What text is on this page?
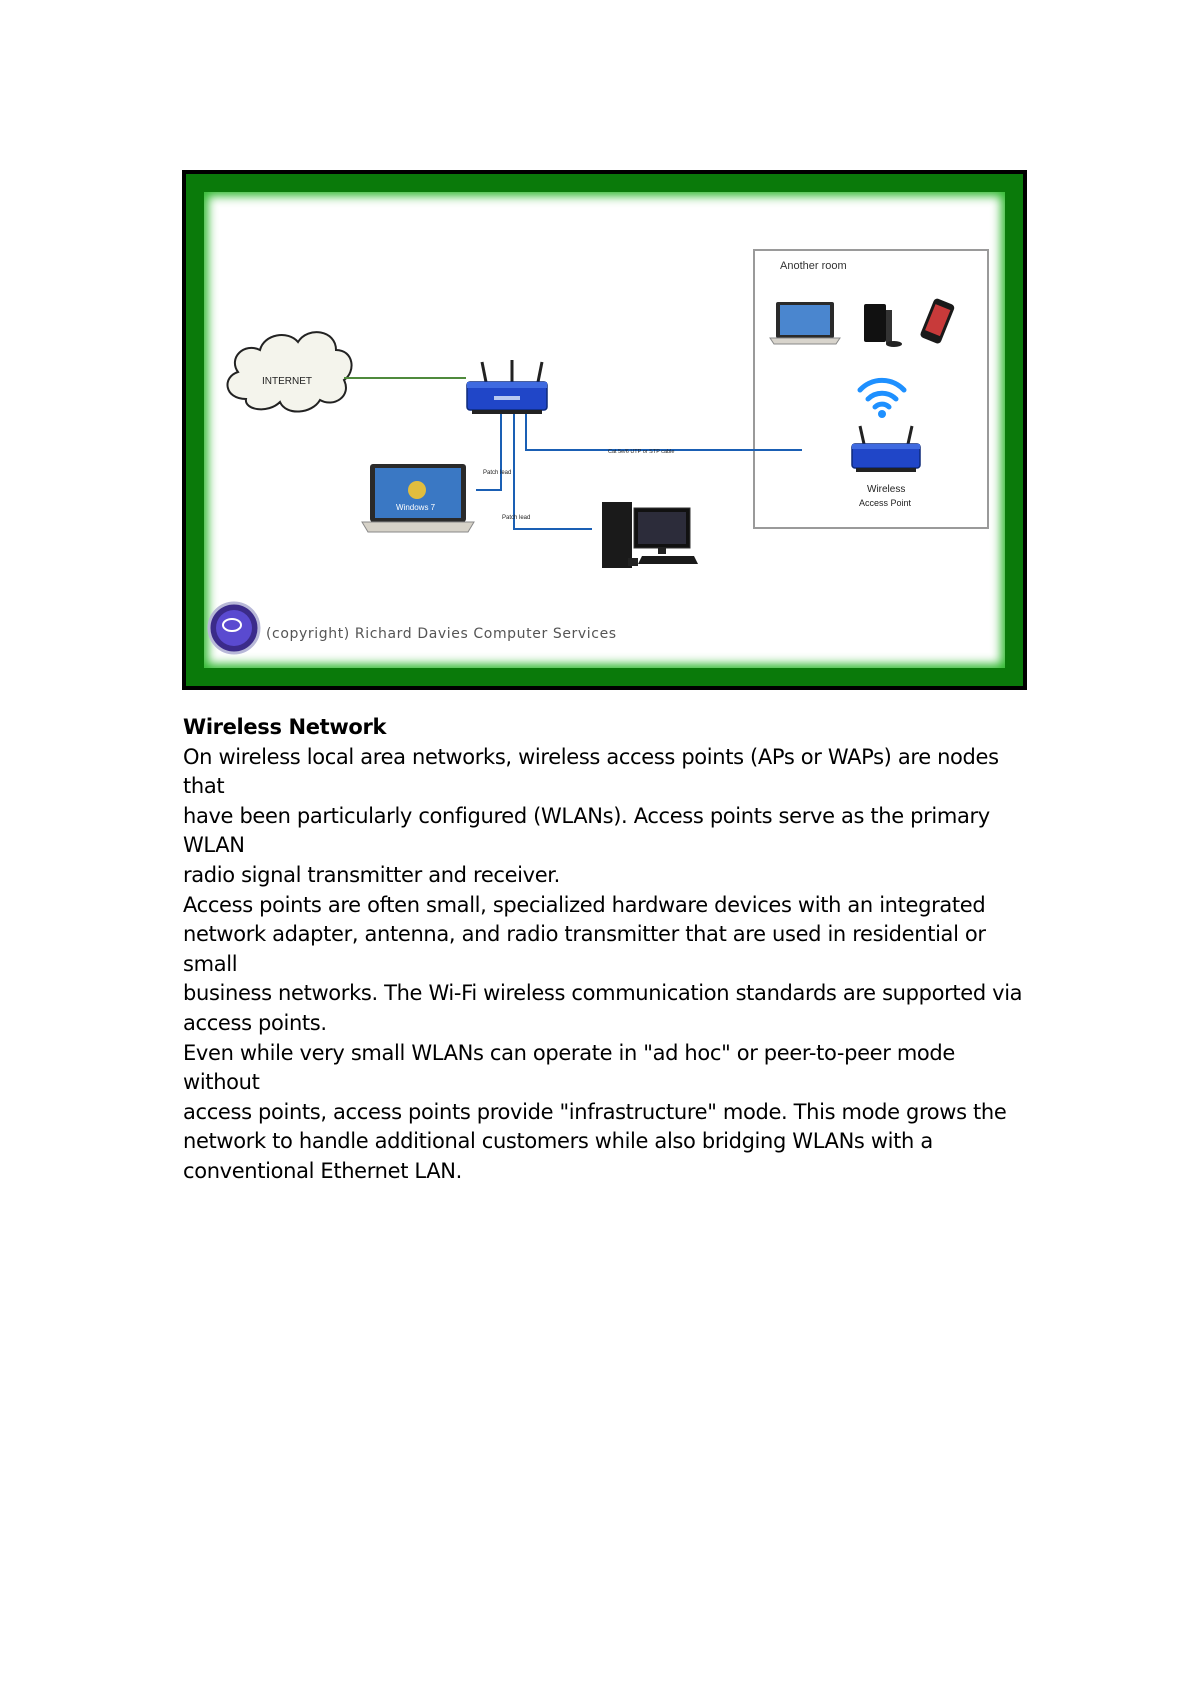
Another room
INTERNET
Patch lead
Patch lead
Cat 5e/6 UTP or STP cable
Windows 7
Wireless
Access Point
(copyright) Richard Davies Computer Services

Wireless Network

On wireless local area networks, wireless access points (APs or WAPs) are nodes that

have been particularly configured (WLANs). Access points serve as the primary WLAN

radio signal transmitter and receiver.

Access points are often small, specialized hardware devices with an integrated

network adapter, antenna, and radio transmitter that are used in residential or small

business networks. The Wi-Fi wireless communication standards are supported via

access points.

Even while very small WLANs can operate in "ad hoc" or peer-to-peer mode without

access points, access points provide "infrastructure" mode. This mode grows the

network to handle additional customers while also bridging WLANs with a

conventional Ethernet LAN.
